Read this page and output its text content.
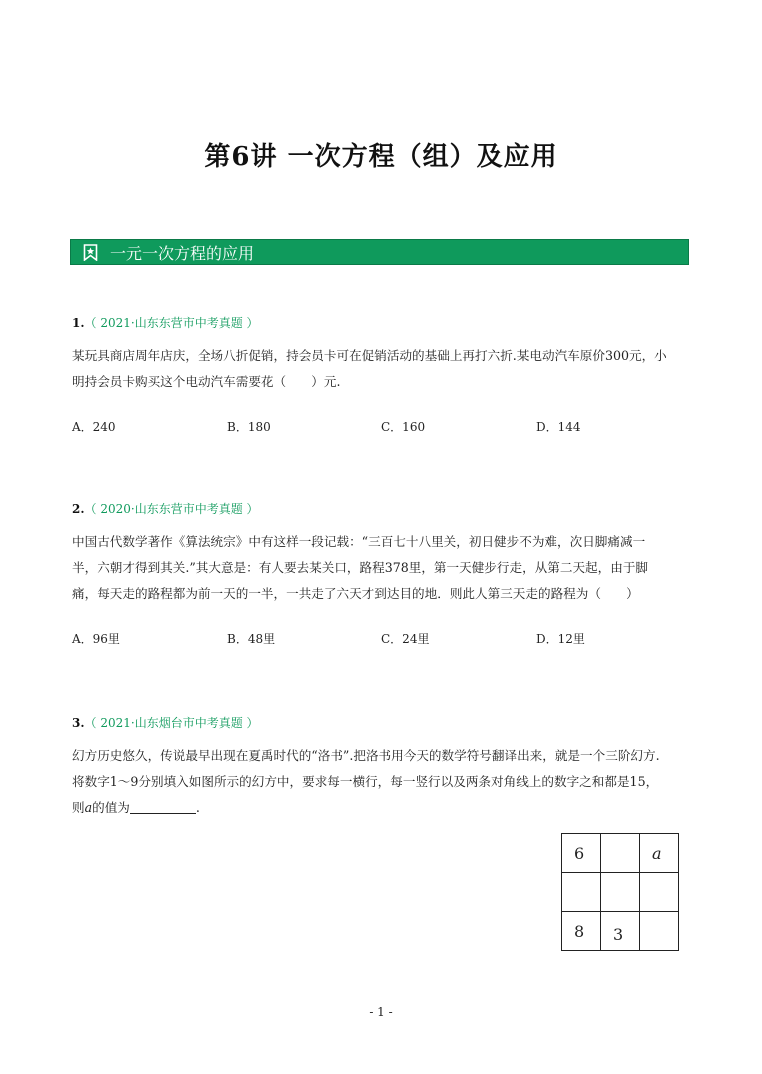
第6讲 一次方程（组）及应用
一元一次方程的应用
1.（ 2021·山东东营市中考真题 ）
某玩具商店周年店庆，全场八折促销，持会员卡可在促销活动的基础上再打六折.某电动汽车原价300元，小
明持会员卡购买这个电动汽车需要花（　　）元.
A．240	B．180	C．160	D．144
2.（ 2020·山东东营市中考真题 ）
中国古代数学著作《算法统宗》中有这样一段记载：“三百七十八里关，初日健步不为难，次日脚痛减一
半，六朝才得到其关.”其大意是：有人要去某关口，路程378里，第一天健步行走，从第二天起，由于脚
痛，每天走的路程都为前一天的一半，一共走了六天才到达目的地．则此人第三天走的路程为（　　）
A．96里	B．48里	C．24里	D．12里
3.（ 2021·山东烟台市中考真题 ）
幻方历史悠久，传说最早出现在夏禹时代的“洛书”.把洛书用今天的数学符号翻译出来，就是一个三阶幻方.
将数字1～9分别填入如图所示的幻方中，要求每一横行，每一竖行以及两条对角线上的数字之和都是15，
则a的值为	.
6		a

8	3	
- 1 -
